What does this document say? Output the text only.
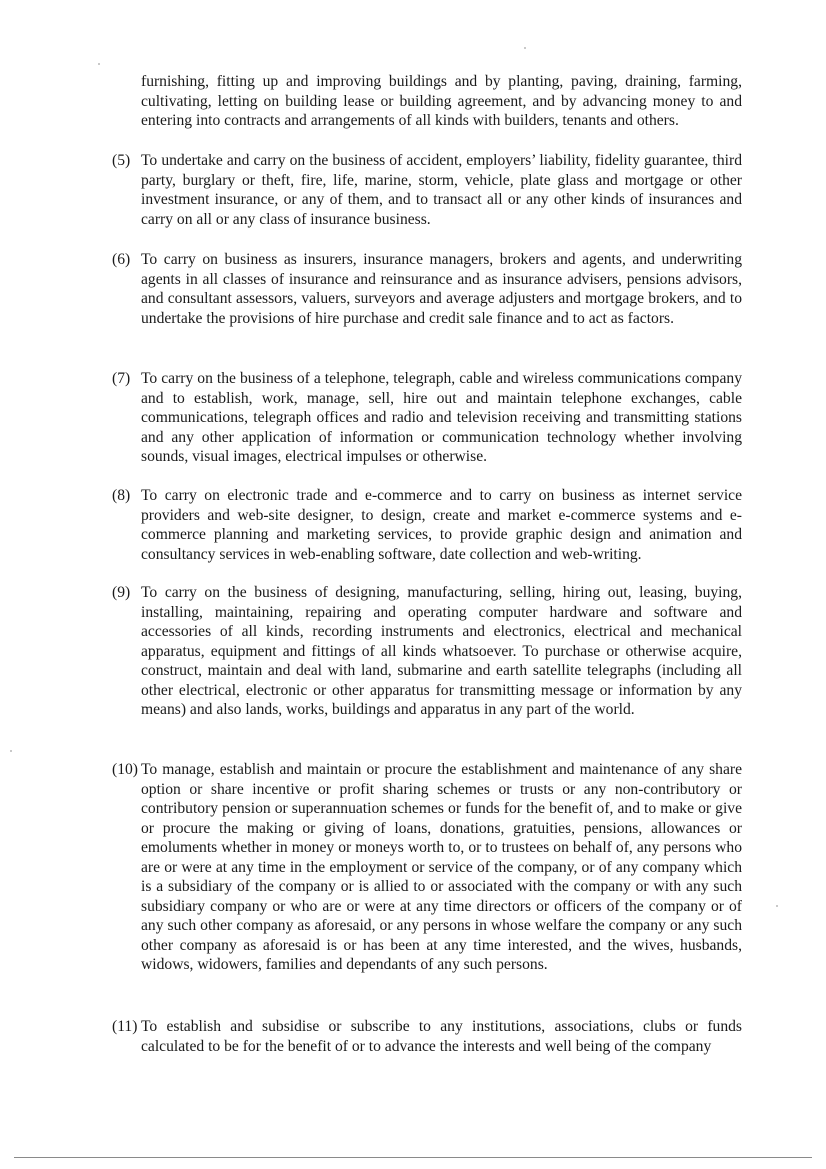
furnishing, fitting up and improving buildings and by planting, paving, draining, farming, cultivating, letting on building lease or building agreement, and by advancing money to and entering into contracts and arrangements of all kinds with builders, tenants and others.
(5) To undertake and carry on the business of accident, employers’ liability, fidelity guarantee, third party, burglary or theft, fire, life, marine, storm, vehicle, plate glass and mortgage or other investment insurance, or any of them, and to transact all or any other kinds of insurances and carry on all or any class of insurance business.
(6) To carry on business as insurers, insurance managers, brokers and agents, and underwriting agents in all classes of insurance and reinsurance and as insurance advisers, pensions advisors, and consultant assessors, valuers, surveyors and average adjusters and mortgage brokers, and to undertake the provisions of hire purchase and credit sale finance and to act as factors.
(7) To carry on the business of a telephone, telegraph, cable and wireless communications company and to establish, work, manage, sell, hire out and maintain telephone exchanges, cable communications, telegraph offices and radio and television receiving and transmitting stations and any other application of information or communication technology whether involving sounds, visual images, electrical impulses or otherwise.
(8) To carry on electronic trade and e-commerce and to carry on business as internet service providers and web-site designer, to design, create and market e-commerce systems and e-commerce planning and marketing services, to provide graphic design and animation and consultancy services in web-enabling software, date collection and web-writing.
(9) To carry on the business of designing, manufacturing, selling, hiring out, leasing, buying, installing, maintaining, repairing and operating computer hardware and software and accessories of all kinds, recording instruments and electronics, electrical and mechanical apparatus, equipment and fittings of all kinds whatsoever. To purchase or otherwise acquire, construct, maintain and deal with land, submarine and earth satellite telegraphs (including all other electrical, electronic or other apparatus for transmitting message or information by any means) and also lands, works, buildings and apparatus in any part of the world.
(10) To manage, establish and maintain or procure the establishment and maintenance of any share option or share incentive or profit sharing schemes or trusts or any non-contributory or contributory pension or superannuation schemes or funds for the benefit of, and to make or give or procure the making or giving of loans, donations, gratuities, pensions, allowances or emoluments whether in money or moneys worth to, or to trustees on behalf of, any persons who are or were at any time in the employment or service of the company, or of any company which is a subsidiary of the company or is allied to or associated with the company or with any such subsidiary company or who are or were at any time directors or officers of the company or of any such other company as aforesaid, or any persons in whose welfare the company or any such other company as aforesaid is or has been at any time interested, and the wives, husbands, widows, widowers, families and dependants of any such persons.
(11) To establish and subsidise or subscribe to any institutions, associations, clubs or funds calculated to be for the benefit of or to advance the interests and well being of the company
